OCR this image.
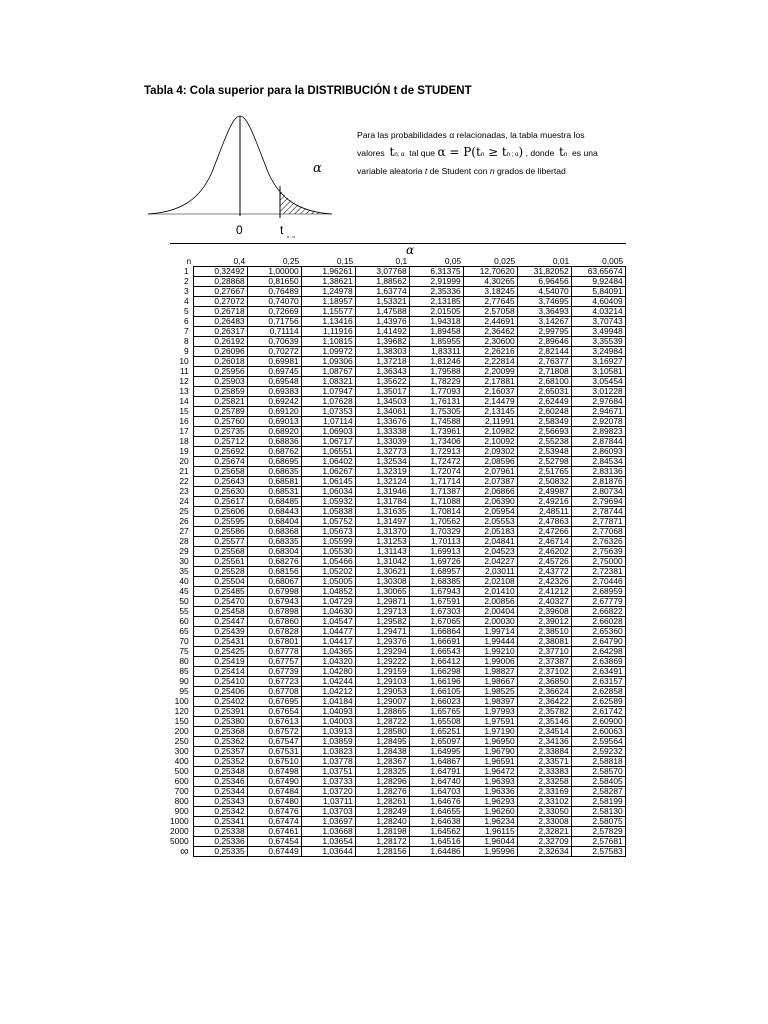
Tabla 4: Cola superior para la DISTRIBUCIÓN t de STUDENT
0	t n ; α
α
Para las probabilidades α relacionadas, la tabla muestra los
valores tn; α tal que α = P(tn ≥ tn ; α) , donde tn es una
variable aleatoria t de Student con n grados de libertad
α
n	0,4	0,25	0,15	0,1	0,05	0,025	0,01	0,005
1	0,32492	1,00000	1,96261	3,07768	6,31375	12,70620	31,82052	63,65674
2	0,28868	0,81650	1,38621	1,88562	2,91999	4,30265	6,96456	9,92484
3	0,27667	0,76489	1,24978	1,63774	2,35336	3,18245	4,54070	5,84091
4	0,27072	0,74070	1,18957	1,53321	2,13185	2,77645	3,74695	4,60409
5	0,26718	0,72669	1,15577	1,47588	2,01505	2,57058	3,36493	4,03214
6	0,26483	0,71756	1,13416	1,43976	1,94318	2,44691	3,14267	3,70743
7	0,26317	0,71114	1,11916	1,41492	1,89458	2,36462	2,99795	3,49948
8	0,26192	0,70639	1,10815	1,39682	1,85955	2,30600	2,89646	3,35539
9	0,26096	0,70272	1,09972	1,38303	1,83311	2,26216	2,82144	3,24984
10	0,26018	0,69981	1,09306	1,37218	1,81246	2,22814	2,76377	3,16927
11	0,25956	0,69745	1,08767	1,36343	1,79588	2,20099	2,71808	3,10581
12	0,25903	0,69548	1,08321	1,35622	1,78229	2,17881	2,68100	3,05454
13	0,25859	0,69383	1,07947	1,35017	1,77093	2,16037	2,65031	3,01228
14	0,25821	0,69242	1,07628	1,34503	1,76131	2,14479	2,62449	2,97684
15	0,25789	0,69120	1,07353	1,34061	1,75305	2,13145	2,60248	2,94671
16	0,25760	0,69013	1,07114	1,33676	1,74588	2,11991	2,58349	2,92078
17	0,25735	0,68920	1,06903	1,33338	1,73961	2,10982	2,56693	2,89823
18	0,25712	0,68836	1,06717	1,33039	1,73406	2,10092	2,55238	2,87844
19	0,25692	0,68762	1,06551	1,32773	1,72913	2,09302	2,53948	2,86093
20	0,25674	0,68695	1,06402	1,32534	1,72472	2,08596	2,52798	2,84534
21	0,25658	0,68635	1,06267	1,32319	1,72074	2,07961	2,51765	2,83136
22	0,25643	0,68581	1,06145	1,32124	1,71714	2,07387	2,50832	2,81876
23	0,25630	0,68531	1,06034	1,31946	1,71387	2,06866	2,49987	2,80734
24	0,25617	0,68485	1,05932	1,31784	1,71088	2,06390	2,49216	2,79694
25	0,25606	0,68443	1,05838	1,31635	1,70814	2,05954	2,48511	2,78744
26	0,25595	0,68404	1,05752	1,31497	1,70562	2,05553	2,47863	2,77871
27	0,25586	0,68368	1,05673	1,31370	1,70329	2,05183	2,47266	2,77068
28	0,25577	0,68335	1,05599	1,31253	1,70113	2,04841	2,46714	2,76326
29	0,25568	0,68304	1,05530	1,31143	1,69913	2,04523	2,46202	2,75639
30	0,25561	0,68276	1,05466	1,31042	1,69726	2,04227	2,45726	2,75000
35	0,25528	0,68156	1,05202	1,30621	1,68957	2,03011	2,43772	2,72381
40	0,25504	0,68067	1,05005	1,30308	1,68385	2,02108	2,42326	2,70446
45	0,25485	0,67998	1,04852	1,30065	1,67943	2,01410	2,41212	2,68959
50	0,25470	0,67943	1,04729	1,29871	1,67591	2,00856	2,40327	2,67779
55	0,25458	0,67898	1,04630	1,29713	1,67303	2,00404	2,39608	2,66822
60	0,25447	0,67860	1,04547	1,29582	1,67065	2,00030	2,39012	2,66028
65	0,25439	0,67828	1,04477	1,29471	1,66864	1,99714	2,38510	2,65360
70	0,25431	0,67801	1,04417	1,29376	1,66691	1,99444	2,38081	2,64790
75	0,25425	0,67778	1,04365	1,29294	1,66543	1,99210	2,37710	2,64298
80	0,25419	0,67757	1,04320	1,29222	1,66412	1,99006	2,37387	2,63869
85	0,25414	0,67739	1,04280	1,29159	1,66298	1,98827	2,37102	2,63491
90	0,25410	0,67723	1,04244	1,29103	1,66196	1,98667	2,36850	2,63157
95	0,25406	0,67708	1,04212	1,29053	1,66105	1,98525	2,36624	2,62858
100	0,25402	0,67695	1,04184	1,29007	1,66023	1,98397	2,36422	2,62589
120	0,25391	0,67654	1,04093	1,28865	1,65765	1,97993	2,35782	2,61742
150	0,25380	0,67613	1,04003	1,28722	1,65508	1,97591	2,35146	2,60900
200	0,25368	0,67572	1,03913	1,28580	1,65251	1,97190	2,34514	2,60063
250	0,25362	0,67547	1,03859	1,28495	1,65097	1,96950	2,34136	2,59564
300	0,25357	0,67531	1,03823	1,28438	1,64995	1,96790	2,33884	2,59232
400	0,25352	0,67510	1,03778	1,28367	1,64867	1,96591	2,33571	2,58818
500	0,25348	0,67498	1,03751	1,28325	1,64791	1,96472	2,33383	2,58570
600	0,25346	0,67490	1,03733	1,28296	1,64740	1,96393	2,33258	2,58405
700	0,25344	0,67484	1,03720	1,28276	1,64703	1,96336	2,33169	2,58287
800	0,25343	0,67480	1,03711	1,28261	1,64676	1,96293	2,33102	2,58199
900	0,25342	0,67476	1,03703	1,28249	1,64655	1,96260	2,33050	2,58130
1000	0,25341	0,67474	1,03697	1,28240	1,64638	1,96234	2,33008	2,58075
2000	0,25338	0,67461	1,03668	1,28198	1,64562	1,96115	2,32821	2,57829
5000	0,25336	0,67454	1,03654	1,28172	1,64516	1,96044	2,32709	2,57681
∞	0,25335	0,67449	1,03644	1,28156	1,64486	1,95996	2,32634	2,57583
